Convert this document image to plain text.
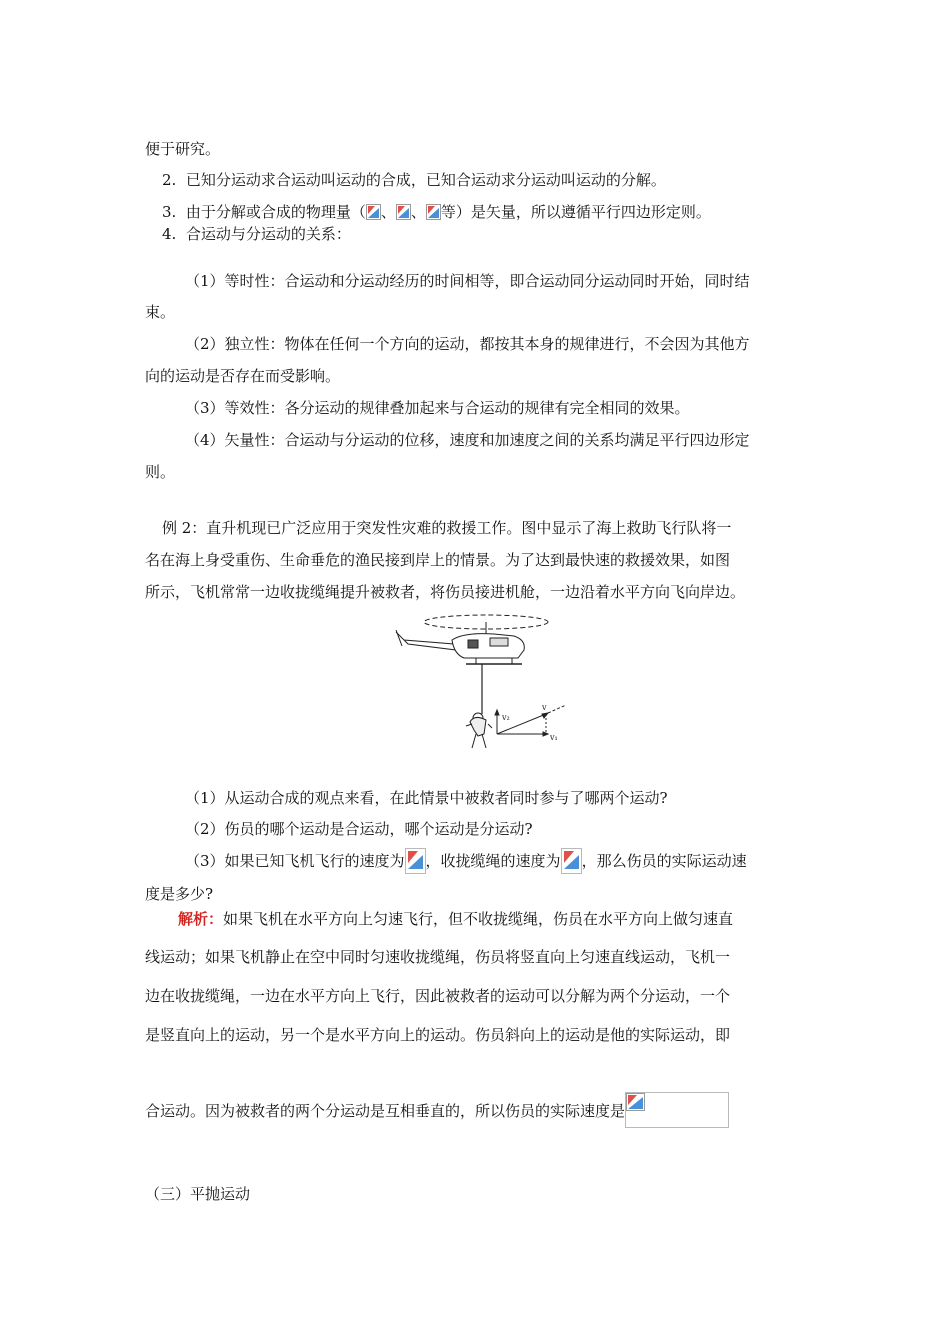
便于研究。
2. 已知分运动求合运动叫运动的合成，已知合运动求分运动叫运动的分解。
3. 由于分解或合成的物理量（ 、 、 等）是矢量，所以遵循平行四边形定则。
4. 合运动与分运动的关系：
（1）等时性：合运动和分运动经历的时间相等，即合运动同分运动同时开始，同时结
束。
（2）独立性：物体在任何一个方向的运动，都按其本身的规律进行，不会因为其他方
向的运动是否存在而受影响。
（3）等效性：各分运动的规律叠加起来与合运动的规律有完全相同的效果。
（4）矢量性：合运动与分运动的位移，速度和加速度之间的关系均满足平行四边形定
则。
例 2：直升机现已广泛应用于突发性灾难的救援工作。图中显示了海上救助飞行队将一
名在海上身受重伤、生命垂危的渔民接到岸上的情景。为了达到最快速的救援效果，如图
所示，飞机常常一边收拢缆绳提升被救者，将伤员接进机舱，一边沿着水平方向飞向岸边。
v₂
v
v₁
（1）从运动合成的观点来看，在此情景中被救者同时参与了哪两个运动?
（2）伤员的哪个运动是合运动，哪个运动是分运动?
（3）如果已知飞机飞行的速度为 ，收拢缆绳的速度为 ，那么伤员的实际运动速
度是多少?
解析：如果飞机在水平方向上匀速飞行，但不收拢缆绳，伤员在水平方向上做匀速直
线运动；如果飞机静止在空中同时匀速收拢缆绳，伤员将竖直向上匀速直线运动，飞机一
边在收拢缆绳，一边在水平方向上飞行，因此被救者的运动可以分解为两个分运动，一个
是竖直向上的运动，另一个是水平方向上的运动。伤员斜向上的运动是他的实际运动，即
合运动。因为被救者的两个分运动是互相垂直的，所以伤员的实际速度是
（三）平抛运动
